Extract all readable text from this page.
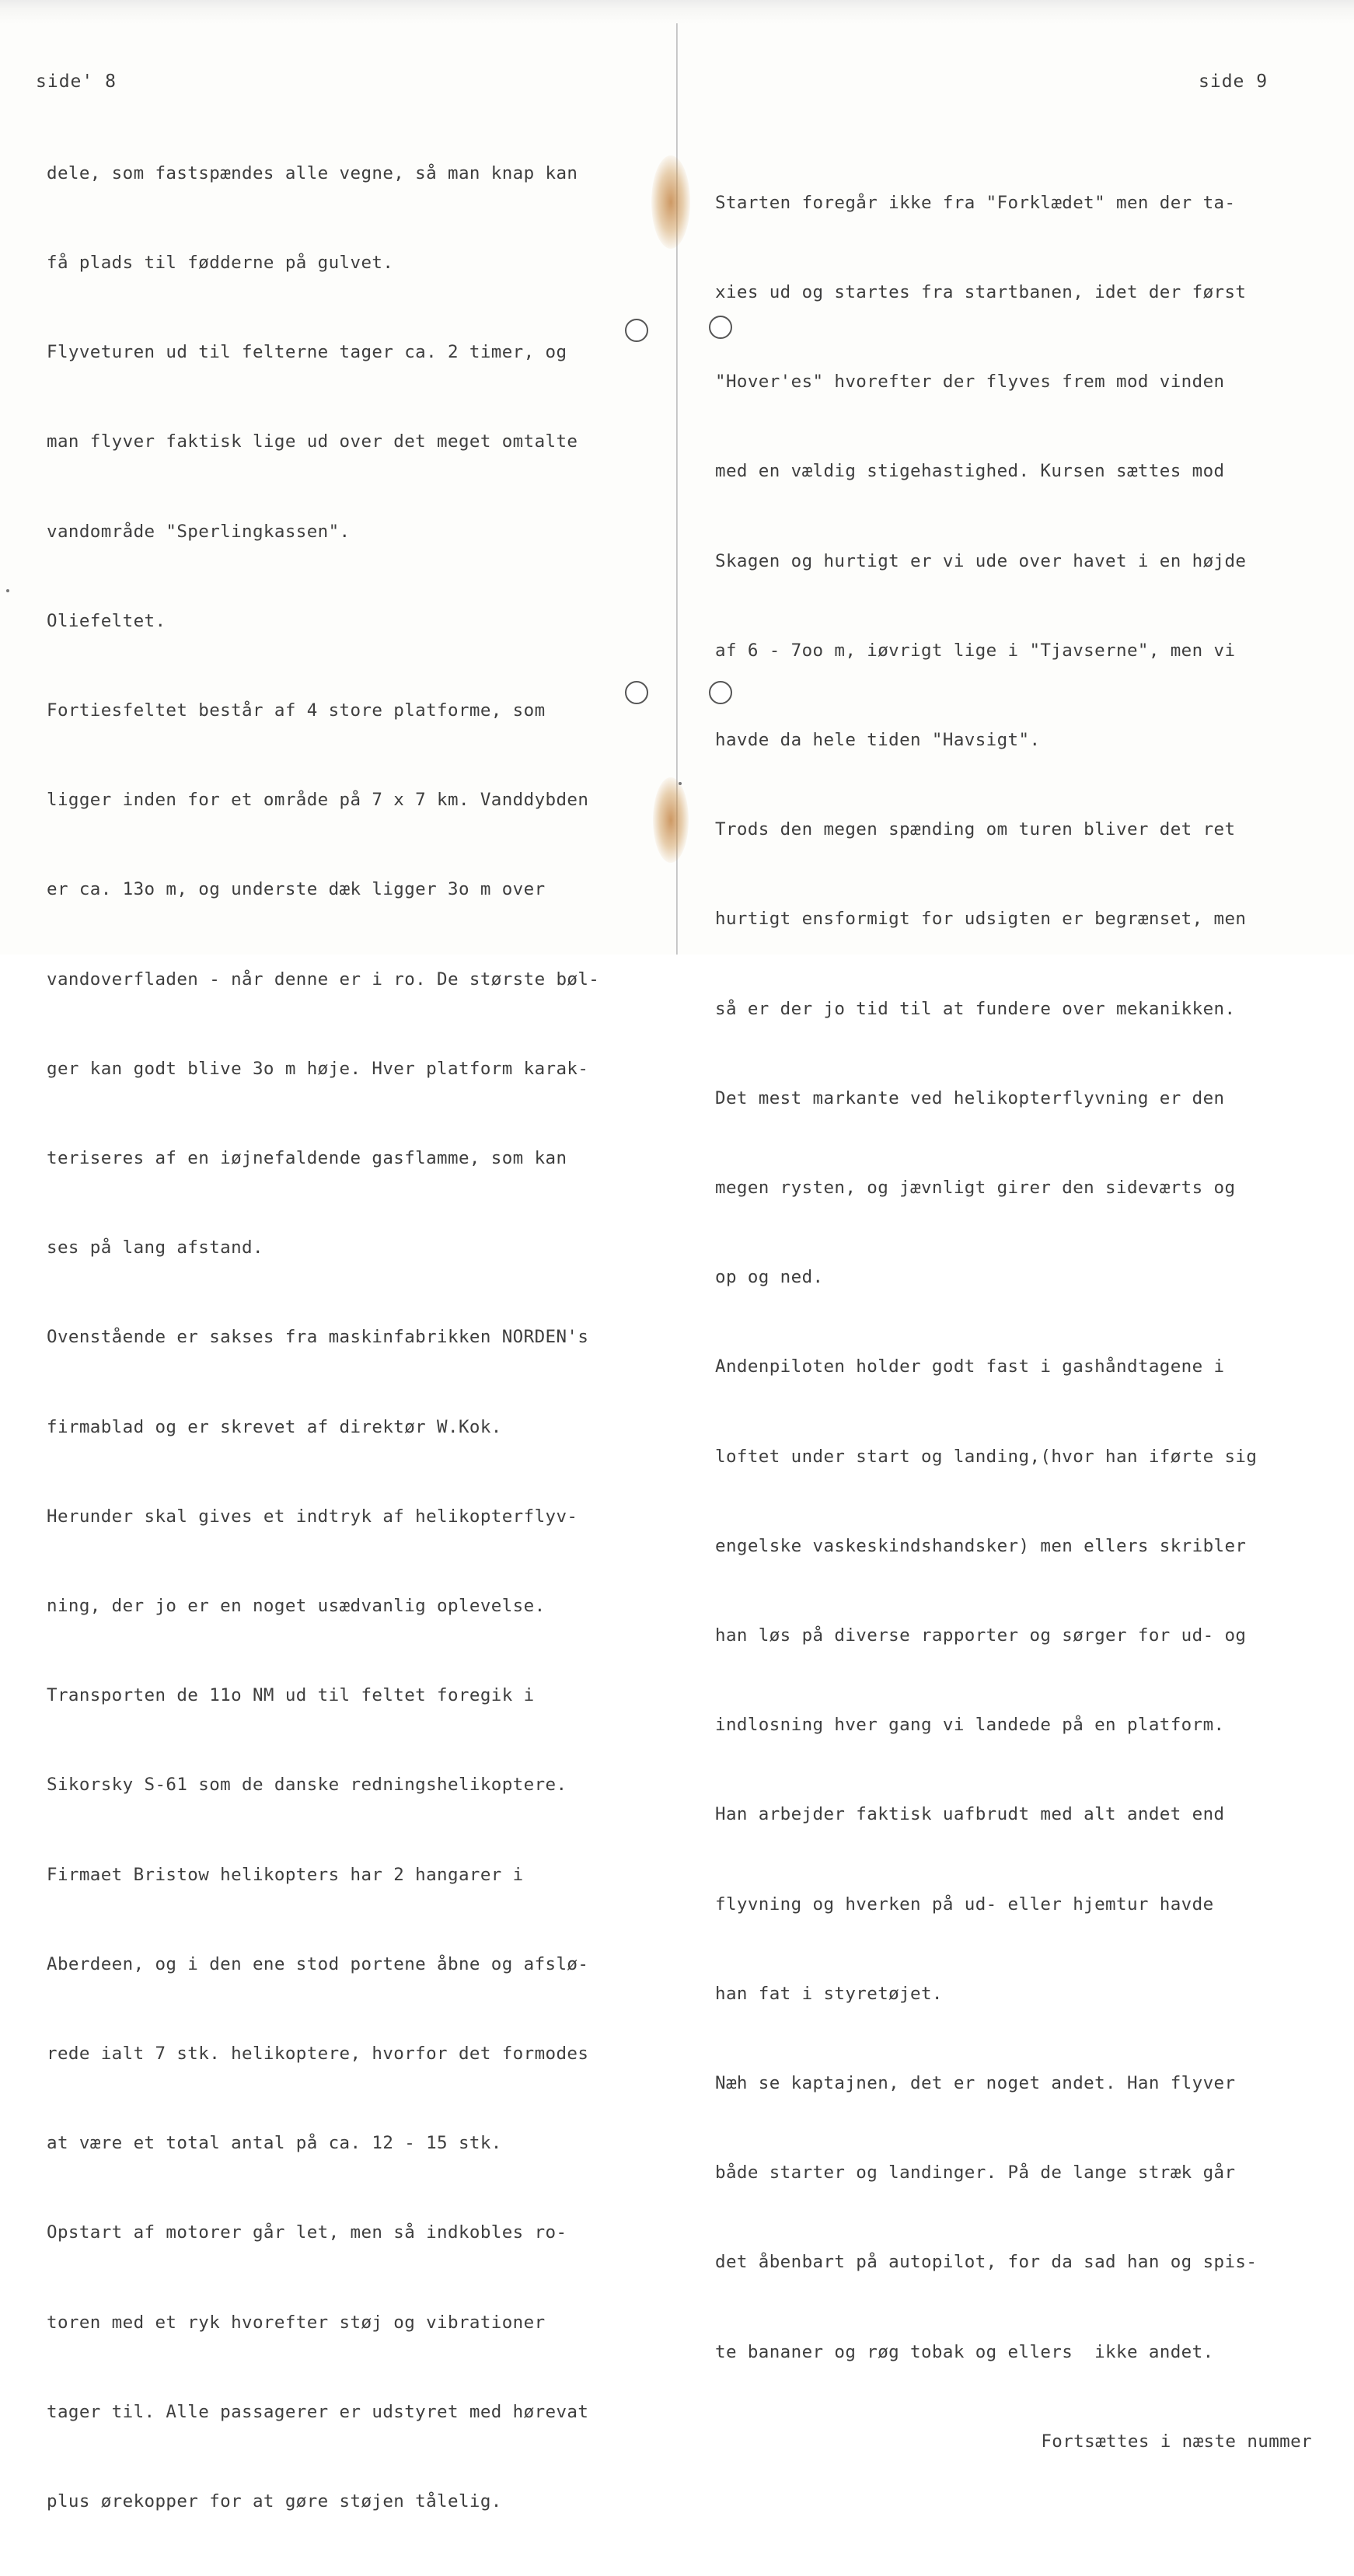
side' 8

dele, som fastspændes alle vegne, så man knap kan

få plads til fødderne på gulvet.

Flyveturen ud til felterne tager ca. 2 timer, og

man flyver faktisk lige ud over det meget omtalte

vandområde "Sperlingkassen".

Oliefeltet.

Fortiesfeltet består af 4 store platforme, som

ligger inden for et område på 7 x 7 km. Vanddybden

er ca. 13o m, og underste dæk ligger 3o m over

vandoverfladen - når denne er i ro. De største bøl-

ger kan godt blive 3o m høje. Hver platform karak-

teriseres af en iøjnefaldende gasflamme, som kan

ses på lang afstand.

Ovenstående er sakses fra maskinfabrikken NORDEN's

firmablad og er skrevet af direktør W.Kok.

Herunder skal gives et indtryk af helikopterflyv-

ning, der jo er en noget usædvanlig oplevelse.

Transporten de 11o NM ud til feltet foregik i

Sikorsky S-61 som de danske redningshelikoptere.

Firmaet Bristow helikopters har 2 hangarer i

Aberdeen, og i den ene stod portene åbne og afslø-

rede ialt 7 stk. helikoptere, hvorfor det formodes

at være et total antal på ca. 12 - 15 stk.

Opstart af motorer går let, men så indkobles ro-

toren med et ryk hvorefter støj og vibrationer

tager til. Alle passagerer er udstyret med hørevat

plus ørekopper for at gøre støjen tålelig.

side 9

Starten foregår ikke fra "Forklædet" men der ta-

xies ud og startes fra startbanen, idet der først

"Hover'es" hvorefter der flyves frem mod vinden

med en vældig stigehastighed. Kursen sættes mod

Skagen og hurtigt er vi ude over havet i en højde

af 6 - 7oo m, iøvrigt lige i "Tjavserne", men vi

havde da hele tiden "Havsigt".

Trods den megen spænding om turen bliver det ret

hurtigt ensformigt for udsigten er begrænset, men

så er der jo tid til at fundere over mekanikken.

Det mest markante ved helikopterflyvning er den

megen rysten, og jævnligt girer den sideværts og

op og ned.

Andenpiloten holder godt fast i gashåndtagene i

loftet under start og landing,(hvor han iførte sig

engelske vaskeskindshandsker) men ellers skribler

han løs på diverse rapporter og sørger for ud- og

indlosning hver gang vi landede på en platform.

Han arbejder faktisk uafbrudt med alt andet end

flyvning og hverken på ud- eller hjemtur havde

han fat i styretøjet.

Næh se kaptajnen, det er noget andet. Han flyver

både starter og landinger. På de lange stræk går

det åbenbart på autopilot, for da sad han og spis-

te bananer og røg tobak og ellers  ikke andet.

Fortsættes i næste nummer
